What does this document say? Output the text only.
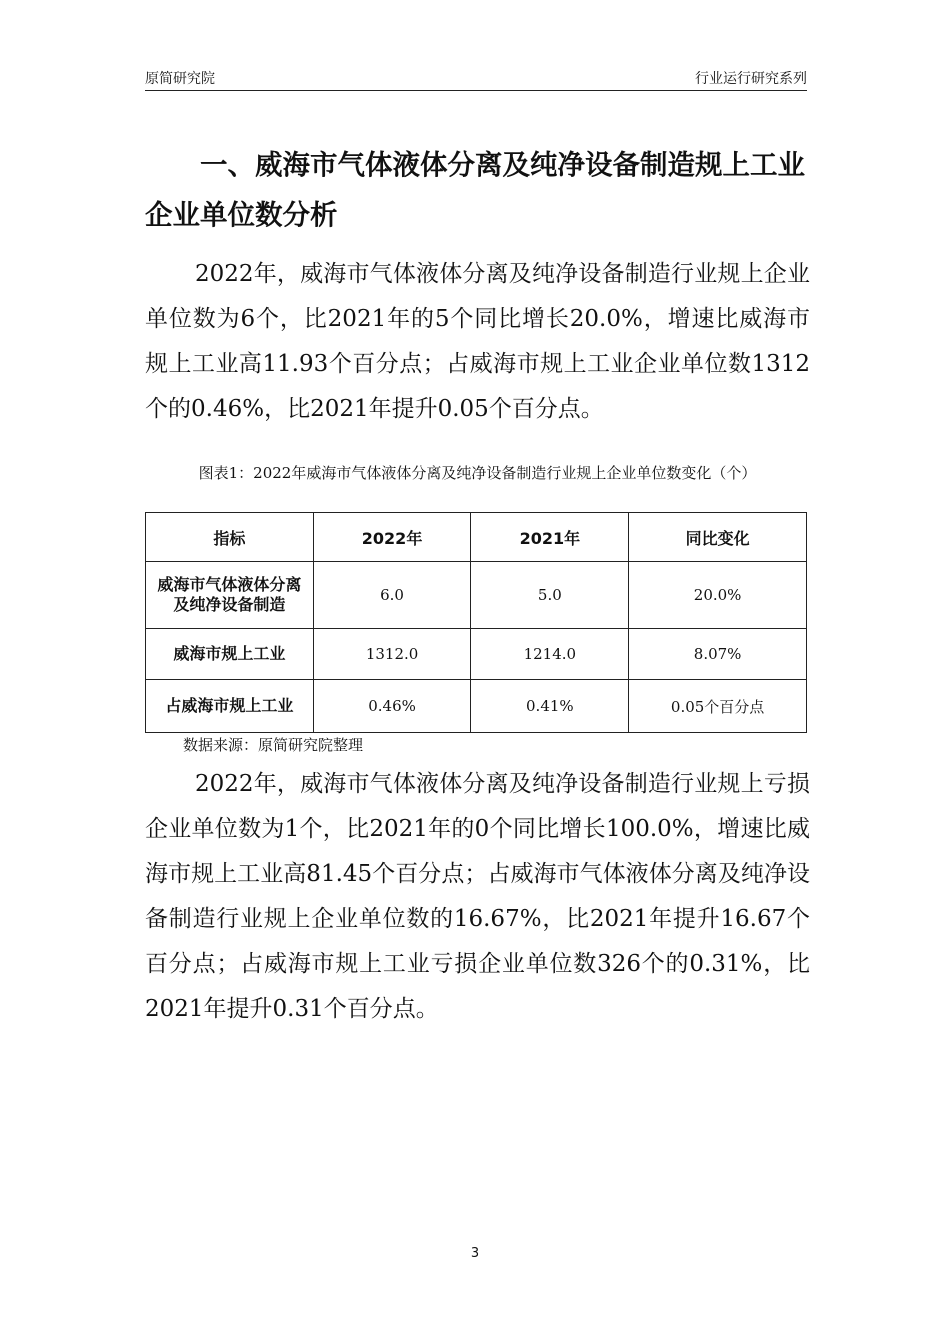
原简研究院	行业运行研究系列
一、威海市气体液体分离及纯净设备制造规上工业企业单位数分析

2022年，威海市气体液体分离及纯净设备制造行业规上企业单位数为6个，比2021年的5个同比增长20.0%，增速比威海市规上工业高11.93个百分点；占威海市规上工业企业单位数1312个的0.46%，比2021年提升0.05个百分点。

图表1：2022年威海市气体液体分离及纯净设备制造行业规上企业单位数变化（个）

指标	2022年	2021年	同比变化
威海市气体液体分离及纯净设备制造	6.0	5.0	20.0%
威海市规上工业	1312.0	1214.0	8.07%
占威海市规上工业	0.46%	0.41%	0.05个百分点

数据来源：原简研究院整理

2022年，威海市气体液体分离及纯净设备制造行业规上亏损企业单位数为1个，比2021年的0个同比增长100.0%，增速比威海市规上工业高81.45个百分点；占威海市气体液体分离及纯净设备制造行业规上企业单位数的16.67%，比2021年提升16.67个百分点；占威海市规上工业亏损企业单位数326个的0.31%，比2021年提升0.31个百分点。

3
